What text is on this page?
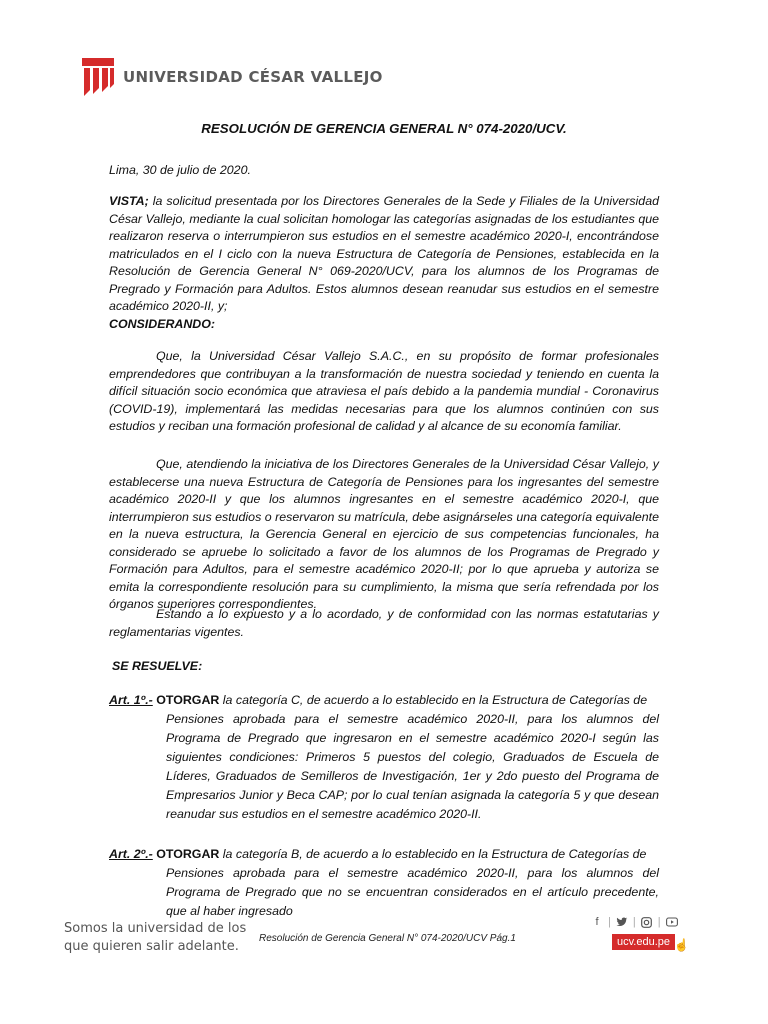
UNIVERSIDAD CÉSAR VALLEJO
RESOLUCIÓN DE GERENCIA GENERAL N° 074-2020/UCV.
Lima, 30 de julio de 2020.
VISTA; la solicitud presentada por los Directores Generales de la Sede y Filiales de la Universidad César Vallejo, mediante la cual solicitan homologar las categorías asignadas de los estudiantes que realizaron reserva o interrumpieron sus estudios en el semestre académico 2020-I, encontrándose matriculados en el I ciclo con la nueva Estructura de Categoría de Pensiones, establecida en la Resolución de Gerencia General N° 069-2020/UCV, para los alumnos de los Programas de Pregrado y Formación para Adultos. Estos alumnos desean reanudar sus estudios en el semestre académico 2020-II, y;
CONSIDERANDO:
Que, la Universidad César Vallejo S.A.C., en su propósito de formar profesionales emprendedores que contribuyan a la transformación de nuestra sociedad y teniendo en cuenta la difícil situación socio económica que atraviesa el país debido a la pandemia mundial - Coronavirus (COVID-19), implementará las medidas necesarias para que los alumnos continúen con sus estudios y reciban una formación profesional de calidad y al alcance de su economía familiar.
Que, atendiendo la iniciativa de los Directores Generales de la Universidad César Vallejo, y establecerse una nueva Estructura de Categoría de Pensiones para los ingresantes del semestre académico 2020-II y que los alumnos ingresantes en el semestre académico 2020-I, que interrumpieron sus estudios o reservaron su matrícula, debe asignárseles una categoría equivalente en la nueva estructura, la Gerencia General en ejercicio de sus competencias funcionales, ha considerado se apruebe lo solicitado a favor de los alumnos de los Programas de Pregrado y Formación para Adultos, para el semestre académico 2020-II; por lo que aprueba y autoriza se emita la correspondiente resolución para su cumplimiento, la misma que sería refrendada por los órganos superiores correspondientes.
Estando a lo expuesto y a lo acordado, y de conformidad con las normas estatutarias y reglamentarias vigentes.
SE RESUELVE:
Art. 1º.- OTORGAR la categoría C, de acuerdo a lo establecido en la Estructura de Categorías de
Pensiones aprobada para el semestre académico 2020-II, para los alumnos del Programa de Pregrado que ingresaron en el semestre académico 2020-I según las siguientes condiciones: Primeros 5 puestos del colegio, Graduados de Escuela de Líderes, Graduados de Semilleros de Investigación, 1er y 2do puesto del Programa de Empresarios Junior y Beca CAP; por lo cual tenían asignada la categoría 5 y que desean reanudar sus estudios en el semestre académico 2020-II.
Art. 2º.- OTORGAR la categoría B, de acuerdo a lo establecido en la Estructura de Categorías de
Pensiones aprobada para el semestre académico 2020-II, para los alumnos del Programa de Pregrado que no se encuentran considerados en el artículo precedente, que al haber ingresado
Somos la universidad de los
que quieren salir adelante.
Resolución de Gerencia General N° 074-2020/UCV Pág.1
f | | |
ucv.edu.pe ☝
